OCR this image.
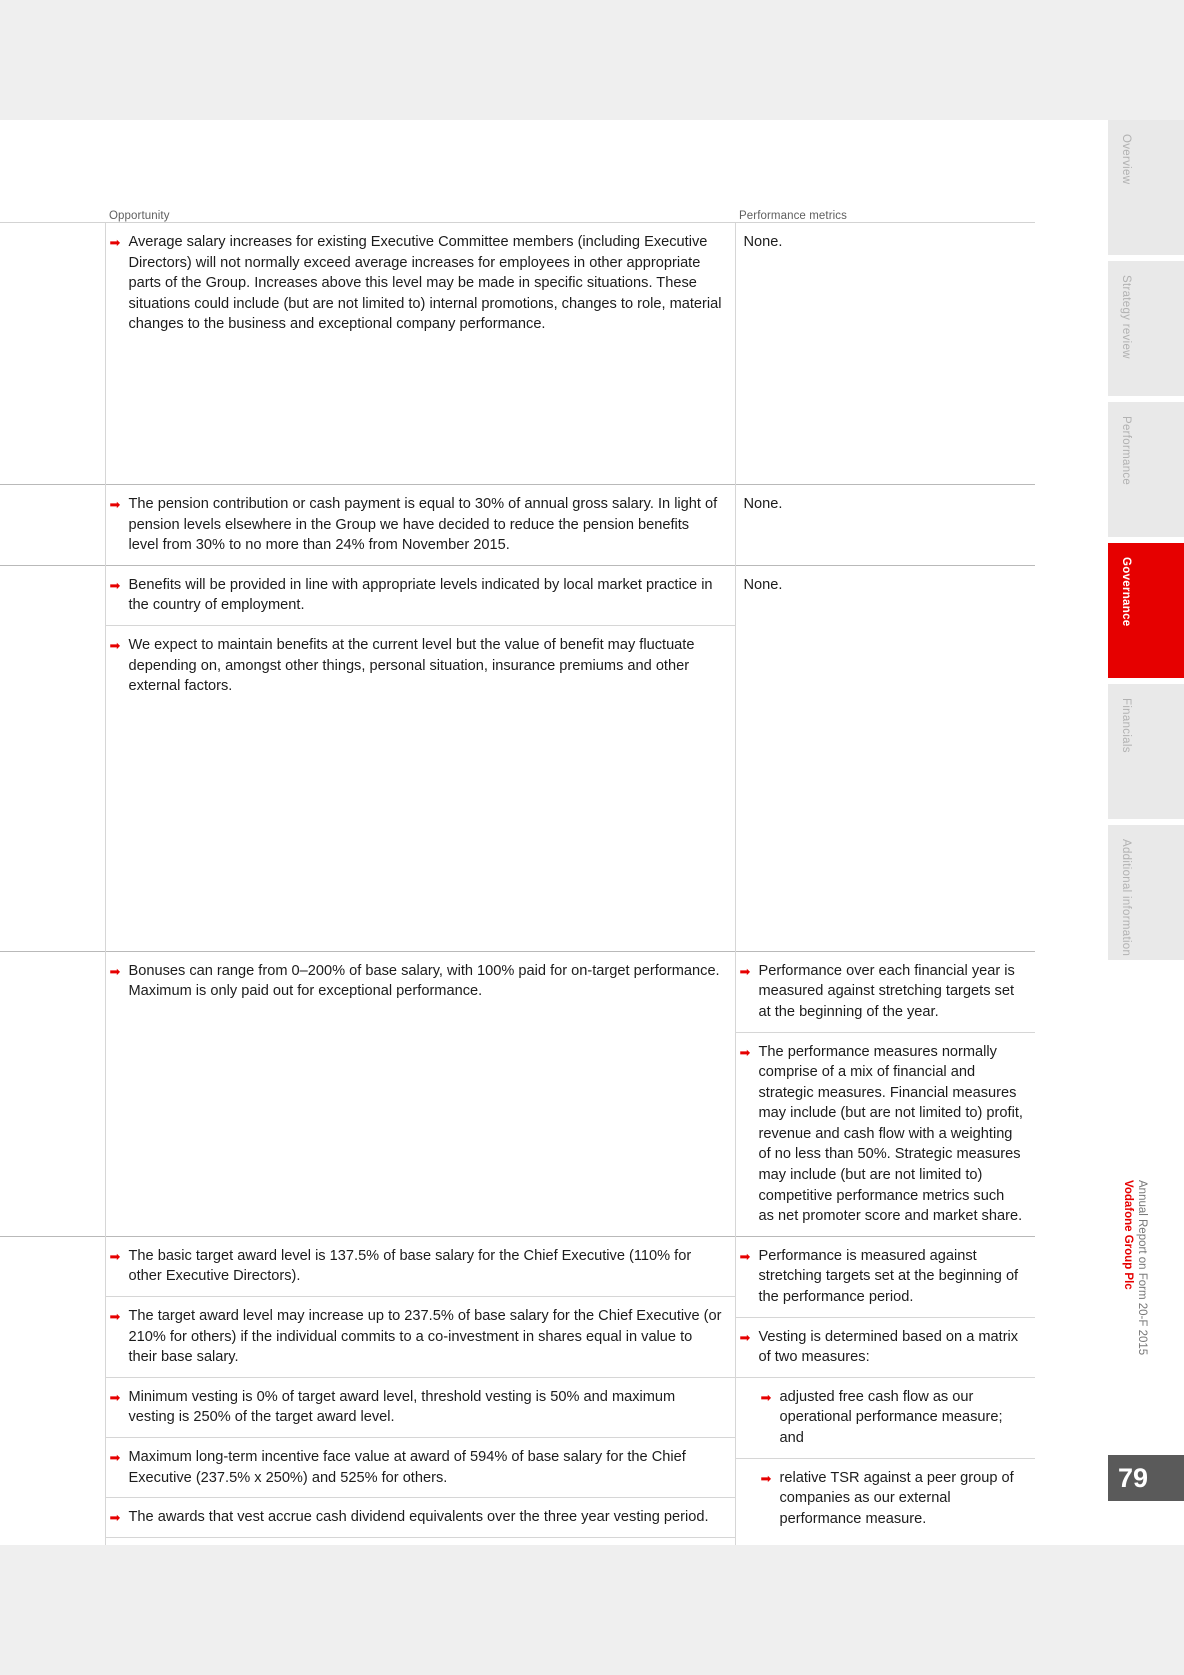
	Opportunity	Performance metrics

➡ Average salary increases for existing Executive Committee members (including Executive Directors) will not normally exceed average increases for employees in other appropriate parts of the Group. Increases above this level may be made in specific situations. These situations could include (but are not limited to) internal promotions, changes to role, material changes to the business and exceptional company performance.

None.

➡ The pension contribution or cash payment is equal to 30% of annual gross salary. In light of pension levels elsewhere in the Group we have decided to reduce the pension benefits level from 30% to no more than 24% from November 2015.

None.

➡ Benefits will be provided in line with appropriate levels indicated by local market practice in the country of employment.
➡ We expect to maintain benefits at the current level but the value of benefit may fluctuate depending on, amongst other things, personal situation, insurance premiums and other external factors.

None.

➡ Bonuses can range from 0–200% of base salary, with 100% paid for on-target performance. Maximum is only paid out for exceptional performance.

➡ Performance over each financial year is measured against stretching targets set at the beginning of the year.
➡ The performance measures normally comprise of a mix of financial and strategic measures. Financial measures may include (but are not limited to) profit, revenue and cash flow with a weighting of no less than 50%. Strategic measures may include (but are not limited to) competitive performance metrics such as net promoter score and market share.

➡ The basic target award level is 137.5% of base salary for the Chief Executive (110% for other Executive Directors).
➡ The target award level may increase up to 237.5% of base salary for the Chief Executive (or 210% for others) if the individual commits to a co-investment in shares equal in value to their base salary.
➡ Minimum vesting is 0% of target award level, threshold vesting is 50% and maximum vesting is 250% of the target award level.
➡ Maximum long-term incentive face value at award of 594% of base salary for the Chief Executive (237.5% x 250%) and 525% for others.
➡ The awards that vest accrue cash dividend equivalents over the three year vesting period.

➡ Performance is measured against stretching targets set at the beginning of the performance period.
➡ Vesting is determined based on a matrix of two measures:
➡ adjusted free cash flow as our operational performance measure; and
➡ relative TSR against a peer group of companies as our external performance measure.
Overview
Strategy review
Performance
Governance
Financials
Additional information
Vodafone Group Plc Annual Report on Form 20-F 2015
79
